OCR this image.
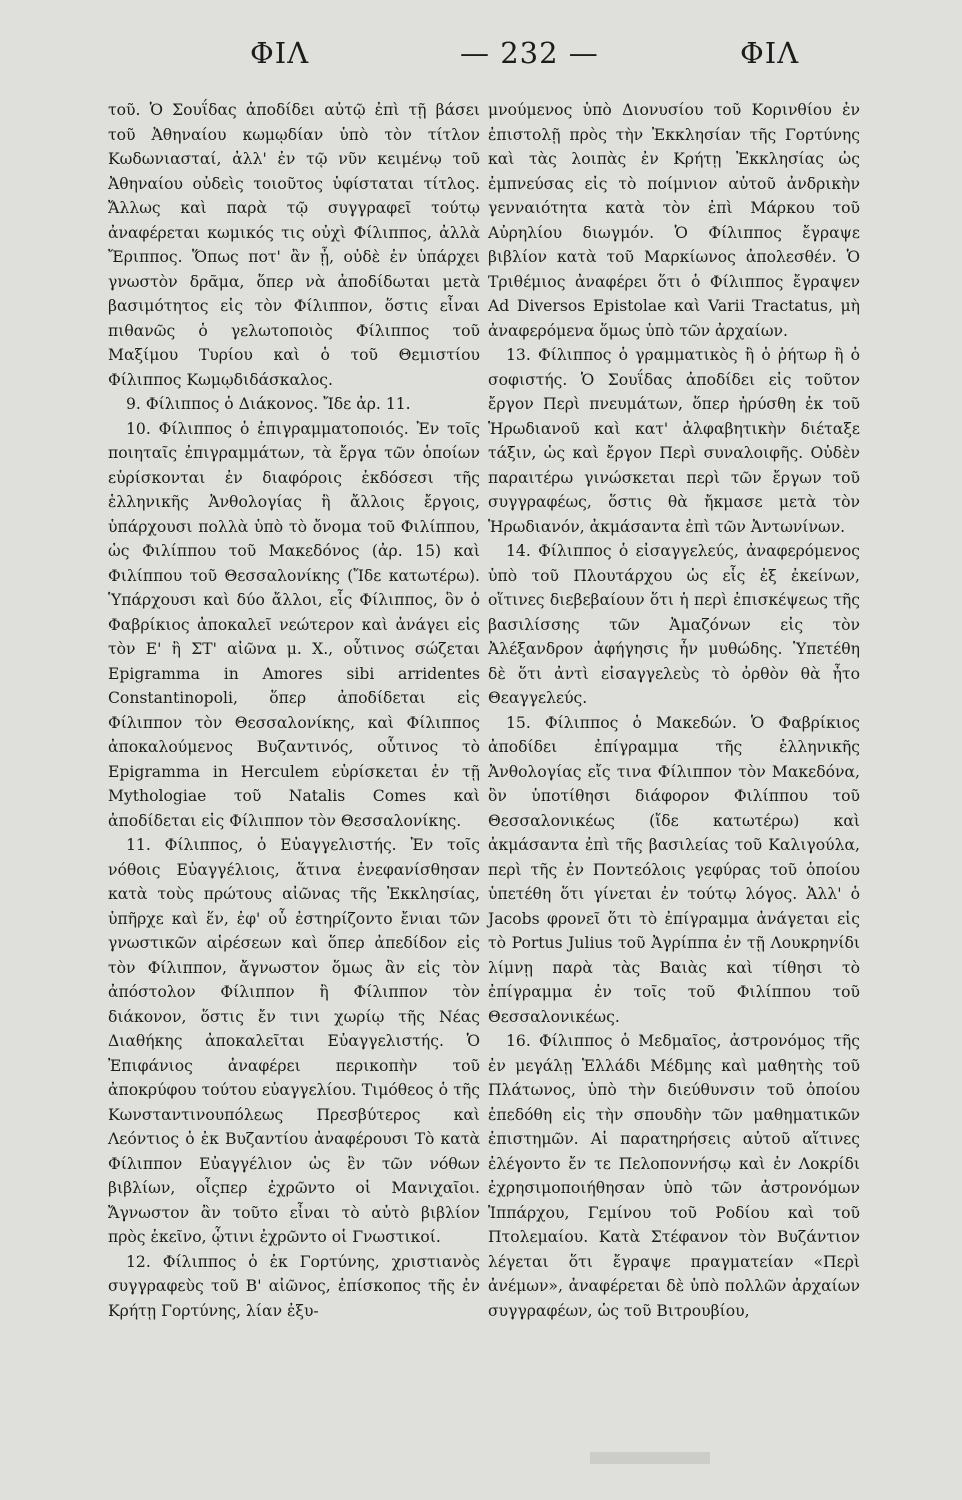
ΦΙΛ	— 232 —	ΦΙΛ

τοῦ. Ὁ Σουΐδας ἀποδίδει αὐτῷ ἐπὶ τῇ βάσει τοῦ Ἀθηναίου κωμῳδίαν ὑπὸ τὸν τίτλον Κωδωνιασταί, ἀλλ' ἐν τῷ νῦν κειμένῳ τοῦ Ἀθηναίου οὐδεὶς τοιοῦτος ὑφίσταται τίτλος. Ἄλλως καὶ παρὰ τῷ συγγραφεῖ τούτῳ ἀναφέρεται κωμικός τις οὐχὶ Φίλιππος, ἀλλὰ Ἔριππος. Ὅπως ποτ' ἂν ᾖ, οὐδὲ ἐν ὑπάρχει γνωστὸν δρᾶμα, ὅπερ νὰ ἀποδίδωται μετὰ βασιμότητος εἰς τὸν Φίλιππον, ὅστις εἶναι πιθανῶς ὁ γελωτοποιὸς Φίλιππος τοῦ Μαξίμου Τυρίου καὶ ὁ τοῦ Θεμιστίου Φίλιππος Κωμῳδιδάσκαλος.

9. Φίλιππος ὁ Διάκονος. Ἴδε ἀρ. 11.

10. Φίλιππος ὁ ἐπιγραμματοποιός. Ἐν τοῖς ποιηταῖς ἐπιγραμμάτων, τὰ ἔργα τῶν ὁποίων εὑρίσκονται ἐν διαφόροις ἐκδόσεσι τῆς ἑλληνικῆς Ἀνθολογίας ἢ ἄλλοις ἔργοις, ὑπάρχουσι πολλὰ ὑπὸ τὸ ὄνομα τοῦ Φιλίππου, ὡς Φιλίππου τοῦ Μακεδόνος (ἀρ. 15) καὶ Φιλίππου τοῦ Θεσσαλονίκης (Ἴδε κατωτέρω). Ὑπάρχουσι καὶ δύο ἄλλοι, εἷς Φίλιππος, ὃν ὁ Φαβρίκιος ἀποκαλεῖ νεώτερον καὶ ἀνάγει εἰς τὸν Ε' ἢ ΣΤ' αἰῶνα μ. Χ., οὗτινος σώζεται Epigramma in Amores sibi arridentes Constantinopoli, ὅπερ ἀποδίδεται εἰς Φίλιππον τὸν Θεσσαλονίκης, καὶ Φίλιππος ἀποκαλούμενος Βυζαντινός, οὗτινος τὸ Epigramma in Herculem εὑρίσκεται ἐν τῇ Mythologiae τοῦ Natalis Comes καὶ ἀποδίδεται εἰς Φίλιππον τὸν Θεσσαλονίκης.

11. Φίλιππος, ὁ Εὐαγγελιστής. Ἐν τοῖς νόθοις Εὐαγγέλιοις, ἅτινα ἐνεφανίσθησαν κατὰ τοὺς πρώτους αἰῶνας τῆς Ἐκκλησίας, ὑπῆρχε καὶ ἕν, ἐφ' οὗ ἐστηρίζοντο ἔνιαι τῶν γνωστικῶν αἱρέσεων καὶ ὅπερ ἀπεδίδον εἰς τὸν Φίλιππον, ἄγνωστον ὅμως ἂν εἰς τὸν ἀπόστολον Φίλιππον ἢ Φίλιππον τὸν διάκονον, ὅστις ἔν τινι χωρίῳ τῆς Νέας Διαθήκης ἀποκαλεῖται Εὐαγγελιστής. Ὁ Ἐπιφάνιος ἀναφέρει περικοπὴν τοῦ ἀποκρύφου τούτου εὐαγγελίου. Τιμόθεος ὁ τῆς Κωνσταντινουπόλεως Πρεσβύτερος καὶ Λεόντιος ὁ ἐκ Βυζαντίου ἀναφέρουσι Τὸ κατὰ Φίλιππον Εὐαγγέλιον ὡς ἓν τῶν νόθων βιβλίων, οἷςπερ ἐχρῶντο οἱ Μανιχαῖοι. Ἄγνωστον ἂν τοῦτο εἶναι τὸ αὐτὸ βιβλίον πρὸς ἐκεῖνο, ᾧτινι ἐχρῶντο οἱ Γνωστικοί.

12. Φίλιππος ὁ ἐκ Γορτύνης, χριστιανὸς συγγραφεὺς τοῦ Β' αἰῶνος, ἐπίσκοπος τῆς ἐν Κρήτῃ Γορτύνης, λίαν ἐξυ-

μνούμενος ὑπὸ Διονυσίου τοῦ Κορινθίου ἐν ἐπιστολῇ πρὸς τὴν Ἐκκλησίαν τῆς Γορτύνης καὶ τὰς λοιπὰς ἐν Κρήτῃ Ἐκκλησίας ὡς ἐμπνεύσας εἰς τὸ ποίμνιον αὐτοῦ ἀνδρικὴν γενναιότητα κατὰ τὸν ἐπὶ Μάρκου τοῦ Αὐρηλίου διωγμόν. Ὁ Φίλιππος ἔγραψε βιβλίον κατὰ τοῦ Μαρκίωνος ἀπολεσθέν. Ὁ Τριθέμιος ἀναφέρει ὅτι ὁ Φίλιππος ἔγραψεν Ad Diversos Epistolae καὶ Varii Tractatus, μὴ ἀναφερόμενα ὅμως ὑπὸ τῶν ἀρχαίων.

13. Φίλιππος ὁ γραμματικὸς ἢ ὁ ῥήτωρ ἢ ὁ σοφιστής. Ὁ Σουΐδας ἀποδίδει εἰς τοῦτον ἔργον Περὶ πνευμάτων, ὅπερ ἠρύσθη ἐκ τοῦ Ἡρωδιανοῦ καὶ κατ' ἀλφαβητικὴν διέταξε τάξιν, ὡς καὶ ἔργον Περὶ συναλοιφῆς. Οὐδὲν παραιτέρω γινώσκεται περὶ τῶν ἔργων τοῦ συγγραφέως, ὅστις θὰ ἤκμασε μετὰ τὸν Ἡρωδιανόν, ἀκμάσαντα ἐπὶ τῶν Ἀντωνίνων.

14. Φίλιππος ὁ εἰσαγγελεύς, ἀναφερόμενος ὑπὸ τοῦ Πλουτάρχου ὡς εἷς ἐξ ἐκείνων, οἵτινες διεβεβαίουν ὅτι ἡ περὶ ἐπισκέψεως τῆς βασιλίσσης τῶν Ἀμαζόνων εἰς τὸν Ἀλέξανδρον ἀφήγησις ἦν μυθώδης. Ὑπετέθη δὲ ὅτι ἀντὶ εἰσαγγελεὺς τὸ ὀρθὸν θὰ ἦτο Θεαγγελεύς.

15. Φίλιππος ὁ Μακεδών. Ὁ Φαβρίκιος ἀποδίδει ἐπίγραμμα τῆς ἑλληνικῆς Ἀνθολογίας εἴς τινα Φίλιππον τὸν Μακεδόνα, ὃν ὑποτίθησι διάφορον Φιλίππου τοῦ Θεσσαλονικέως (ἴδε κατωτέρω) καὶ ἀκμάσαντα ἐπὶ τῆς βασιλείας τοῦ Καλιγούλα, περὶ τῆς ἐν Ποντεόλοις γεφύρας τοῦ ὁποίου ὑπετέθη ὅτι γίνεται ἐν τούτῳ λόγος. Ἀλλ' ὁ Jacobs φρονεῖ ὅτι τὸ ἐπίγραμμα ἀνάγεται εἰς τὸ Portus Julius τοῦ Ἀγρίππα ἐν τῇ Λουκρηνίδι λίμνῃ παρὰ τὰς Βαιὰς καὶ τίθησι τὸ ἐπίγραμμα ἐν τοῖς τοῦ Φιλίππου τοῦ Θεσσαλονικέως.

16. Φίλιππος ὁ Μεδμαῖος, ἀστρονόμος τῆς ἐν μεγάλῃ Ἑλλάδι Μέδμης καὶ μαθητὴς τοῦ Πλάτωνος, ὑπὸ τὴν διεύθυνσιν τοῦ ὁποίου ἐπεδόθη εἰς τὴν σπουδὴν τῶν μαθηματικῶν ἐπιστημῶν. Αἱ παρατηρήσεις αὐτοῦ αἵτινες ἐλέγοντο ἔν τε Πελοποννήσῳ καὶ ἐν Λοκρίδι ἐχρησιμοποιήθησαν ὑπὸ τῶν ἀστρονόμων Ἱππάρχου, Γεμίνου τοῦ Ροδίου καὶ τοῦ Πτολεμαίου. Κατὰ Στέφανον τὸν Βυζάντιον λέγεται ὅτι ἔγραψε πραγματείαν «Περὶ ἀνέμων», ἀναφέρεται δὲ ὑπὸ πολλῶν ἀρχαίων συγγραφέων, ὡς τοῦ Βιτρουβίου,
